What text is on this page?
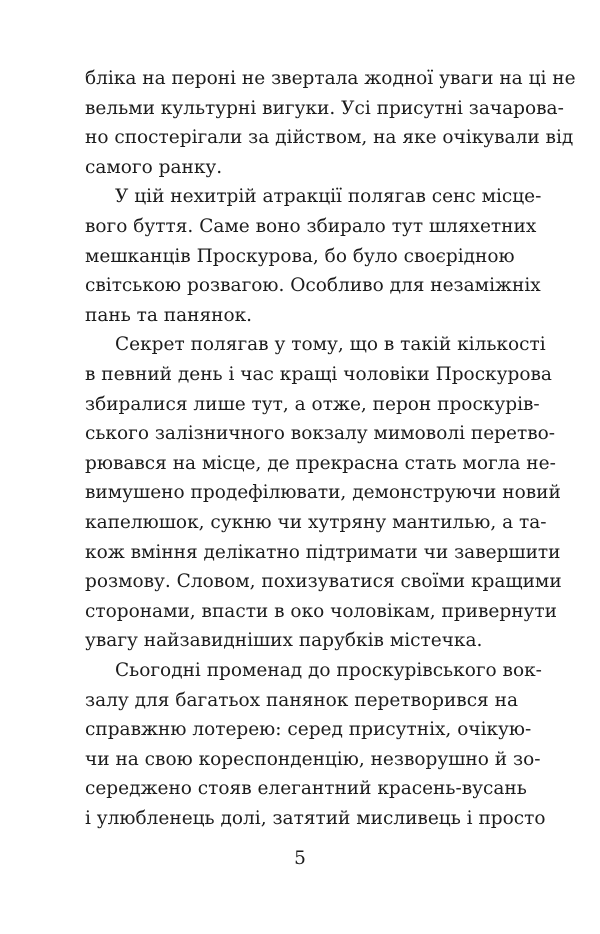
бліка на пероні не звертала жодної уваги на ці не
вельми культурні вигуки. Усі присутні зачарова-
но спостерігали за дійством, на яке очікували від
самого ранку.
У цій нехитрій атракції полягав сенс місце-
вого буття. Саме воно збирало тут шляхетних
мешканців Проскурова, бо було своєрідною
світською розвагою. Особливо для незаміжніх
пань та панянок.
Секрет полягав у тому, що в такій кількості
в певний день і час кращі чоловіки Проскурова
збиралися лише тут, а отже, перон проскурів-
ського залізничного вокзалу мимоволі перетво-
рювався на місце, де прекрасна стать могла не-
вимушено продефілювати, демонструючи новий
капелюшок, сукню чи хутряну мантилью, а та-
кож вміння делікатно підтримати чи завершити
розмову. Словом, похизуватися своїми кращими
сторонами, впасти в око чоловікам, привернути
увагу найзавидніших парубків містечка.
Сьогодні променад до проскурівського вок-
залу для багатьох панянок перетворився на
справжню лотерею: серед присутніх, очікую-
чи на свою кореспонденцію, незворушно й зо-
середжено стояв елегантний красень-вусань
і улюбленець долі, затятий мисливець і просто
5
